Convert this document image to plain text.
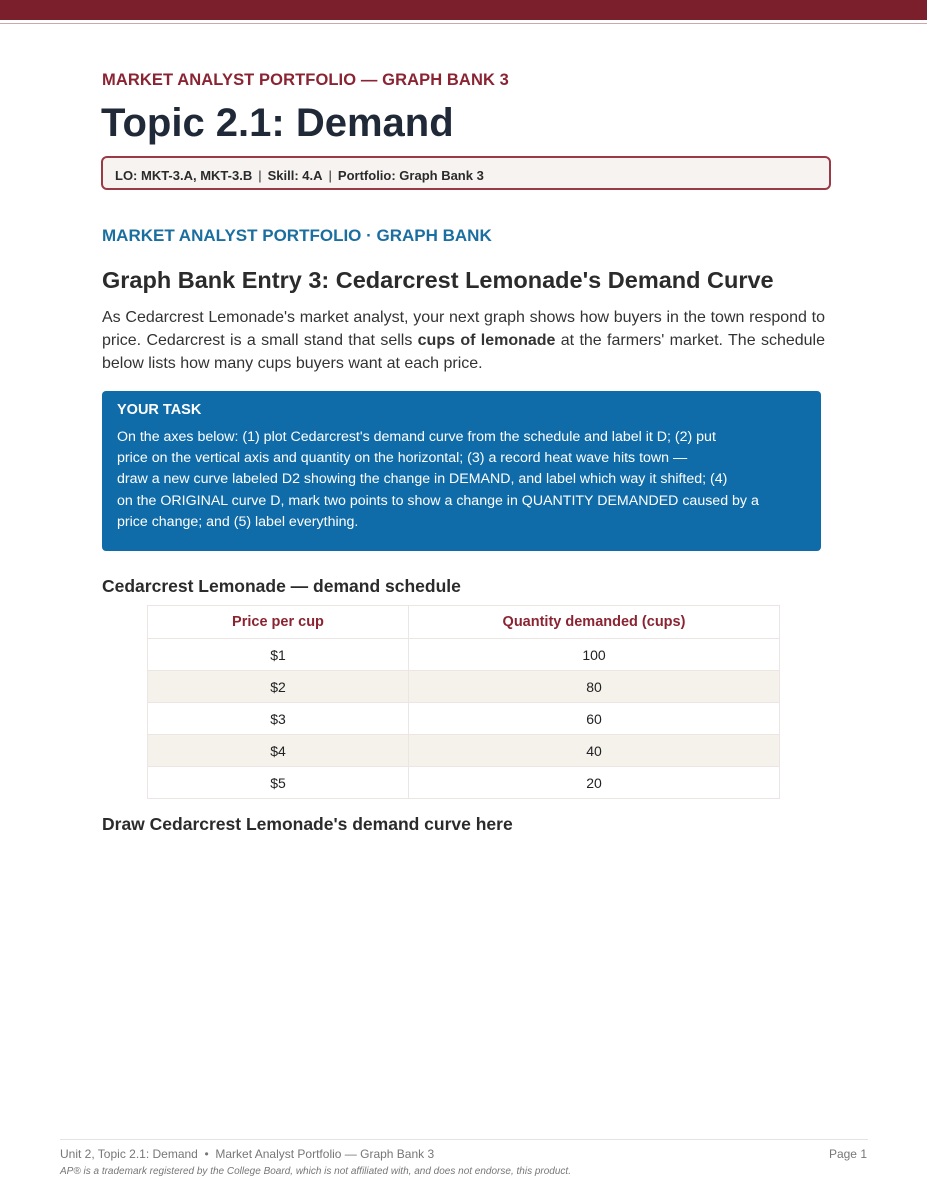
MARKET ANALYST PORTFOLIO — GRAPH BANK 3
Topic 2.1: Demand
LO: MKT-3.A, MKT-3.B | Skill: 4.A | Portfolio: Graph Bank 3
MARKET ANALYST PORTFOLIO · GRAPH BANK
Graph Bank Entry 3: Cedarcrest Lemonade's Demand Curve

As Cedarcrest Lemonade's market analyst, your next graph shows how buyers in the town respond to price. Cedarcrest is a small stand that sells cups of lemonade at the farmers' market. The schedule below lists how many cups buyers want at each price.

YOUR TASK
On the axes below: (1) plot Cedarcrest's demand curve from the schedule and label it D; (2) put
price on the vertical axis and quantity on the horizontal; (3) a record heat wave hits town —
draw a new curve labeled D2 showing the change in DEMAND, and label which way it shifted; (4)
on the ORIGINAL curve D, mark two points to show a change in QUANTITY DEMANDED caused by a
price change; and (5) label everything.
Cedarcrest Lemonade — demand schedule
Price per cup	Quantity demanded (cups)
$1	100
$2	80
$3	60
$4	40
$5	20
Draw Cedarcrest Lemonade's demand curve here
Unit 2, Topic 2.1: Demand  •  Market Analyst Portfolio — Graph Bank 3	Page 1
AP® is a trademark registered by the College Board, which is not affiliated with, and does not endorse, this product.
